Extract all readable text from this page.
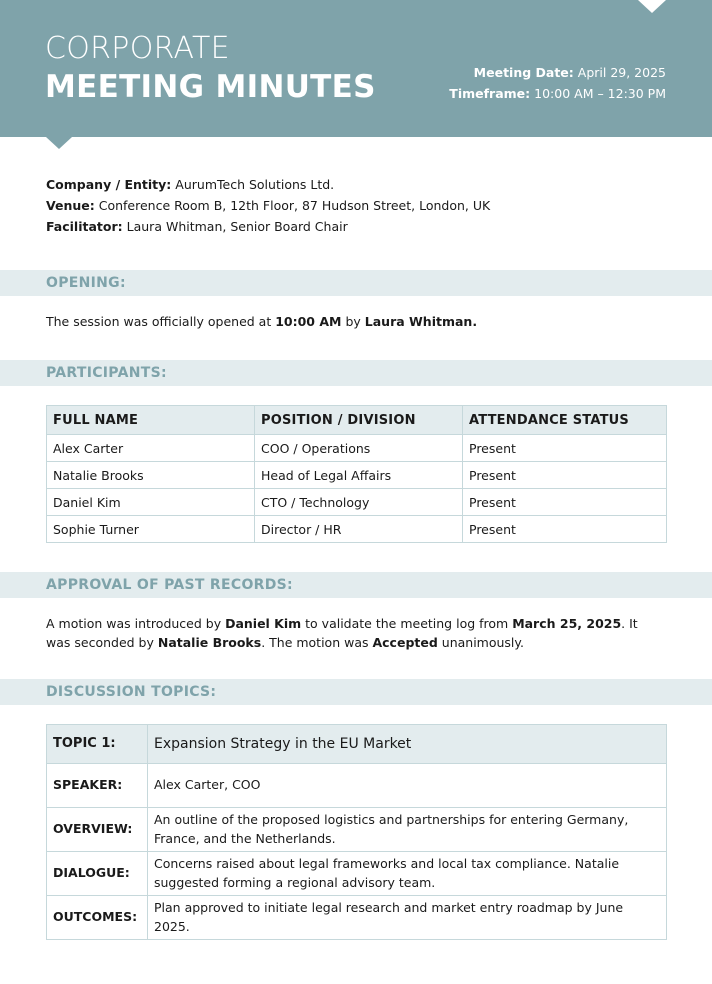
CORPORATE
MEETING MINUTES	Meeting Date: April 29, 2025
Timeframe: 10:00 AM – 12:30 PM
Company / Entity: AurumTech Solutions Ltd.
Venue: Conference Room B, 12th Floor, 87 Hudson Street, London, UK
Facilitator: Laura Whitman, Senior Board Chair
OPENING:
The session was officially opened at 10:00 AM by Laura Whitman.
PARTICIPANTS:
FULL NAME	POSITION / DIVISION	ATTENDANCE STATUS
Alex Carter	COO / Operations	Present
Natalie Brooks	Head of Legal Affairs	Present
Daniel Kim	CTO / Technology	Present
Sophie Turner	Director / HR	Present
APPROVAL OF PAST RECORDS:
A motion was introduced by Daniel Kim to validate the meeting log from March 25, 2025. It was seconded by Natalie Brooks. The motion was Accepted unanimously.
DISCUSSION TOPICS:
TOPIC 1:	Expansion Strategy in the EU Market
SPEAKER:	Alex Carter, COO
OVERVIEW:	An outline of the proposed logistics and partnerships for entering Germany, France, and the Netherlands.
DIALOGUE:	Concerns raised about legal frameworks and local tax compliance. Natalie suggested forming a regional advisory team.
OUTCOMES:	Plan approved to initiate legal research and market entry roadmap by June 2025.
